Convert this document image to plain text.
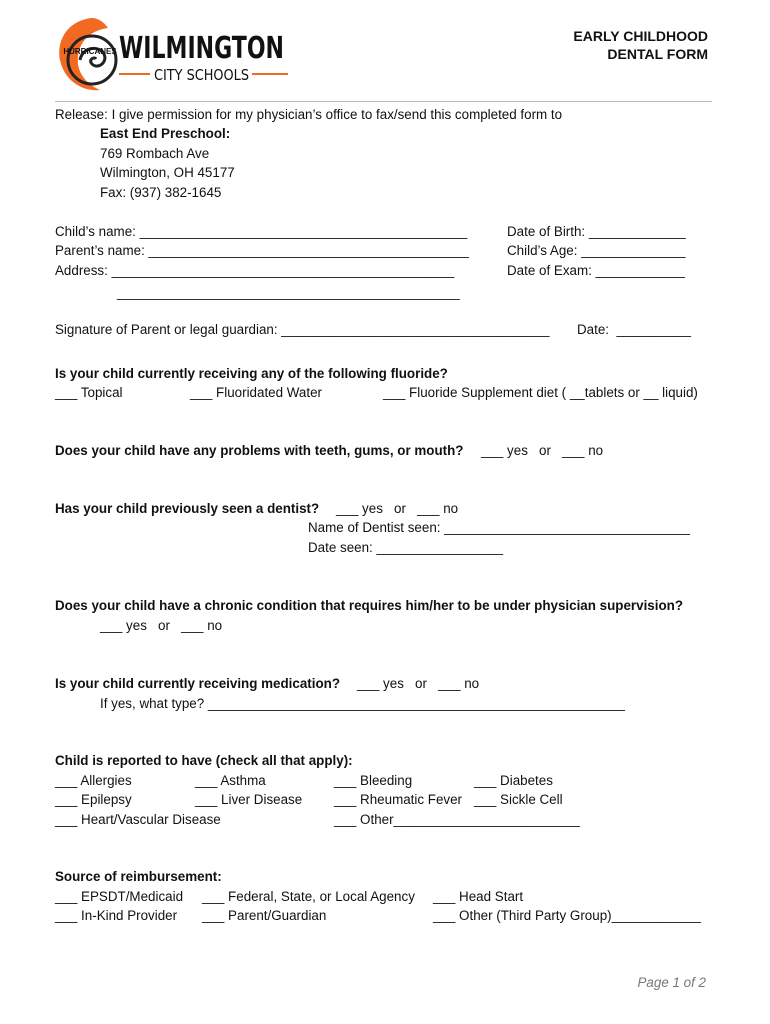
HURRICANES WILMINGTON
CITY SCHOOLS
EARLY CHILDHOOD
DENTAL FORM
Release: I give permission for my physician’s office to fax/send this completed form to
East End Preschool:
769 Rombach Ave
Wilmington, OH 45177
Fax: (937) 382-1645
Child’s name: ____________________________________________
Parent’s name: ___________________________________________
Address: ______________________________________________
______________________________________________
Date of Birth: _____________
Child’s Age: ______________
Date of Exam: ____________
Signature of Parent or legal guardian: ____________________________________ Date:  __________
Is your child currently receiving any of the following fluoride?
___ Topical	___ Fluoridated Water	___ Fluoride Supplement diet ( __tablets or __ liquid)
Does your child have any problems with teeth, gums, or mouth? ___ yes   or   ___ no
Has your child previously seen a dentist? ___ yes   or   ___ no
Name of Dentist seen: _________________________________
Date seen: _________________
Does your child have a chronic condition that requires him/her to be under physician supervision?
___ yes   or   ___ no
Is your child currently receiving medication? ___ yes   or   ___ no
If yes, what type? ________________________________________________________
Child is reported to have (check all that apply):
___ Allergies	___ Asthma	___ Bleeding	___ Diabetes
___ Epilepsy	___ Liver Disease ___ Rheumatic Fever ___ Sickle Cell
___ Heart/Vascular Disease	___ Other_________________________
Source of reimbursement:
___ EPSDT/Medicaid ___ Federal, State, or Local Agency ___ Head Start
___ In-Kind Provider ___ Parent/Guardian	___ Other (Third Party Group)____________
Page 1 of 2
